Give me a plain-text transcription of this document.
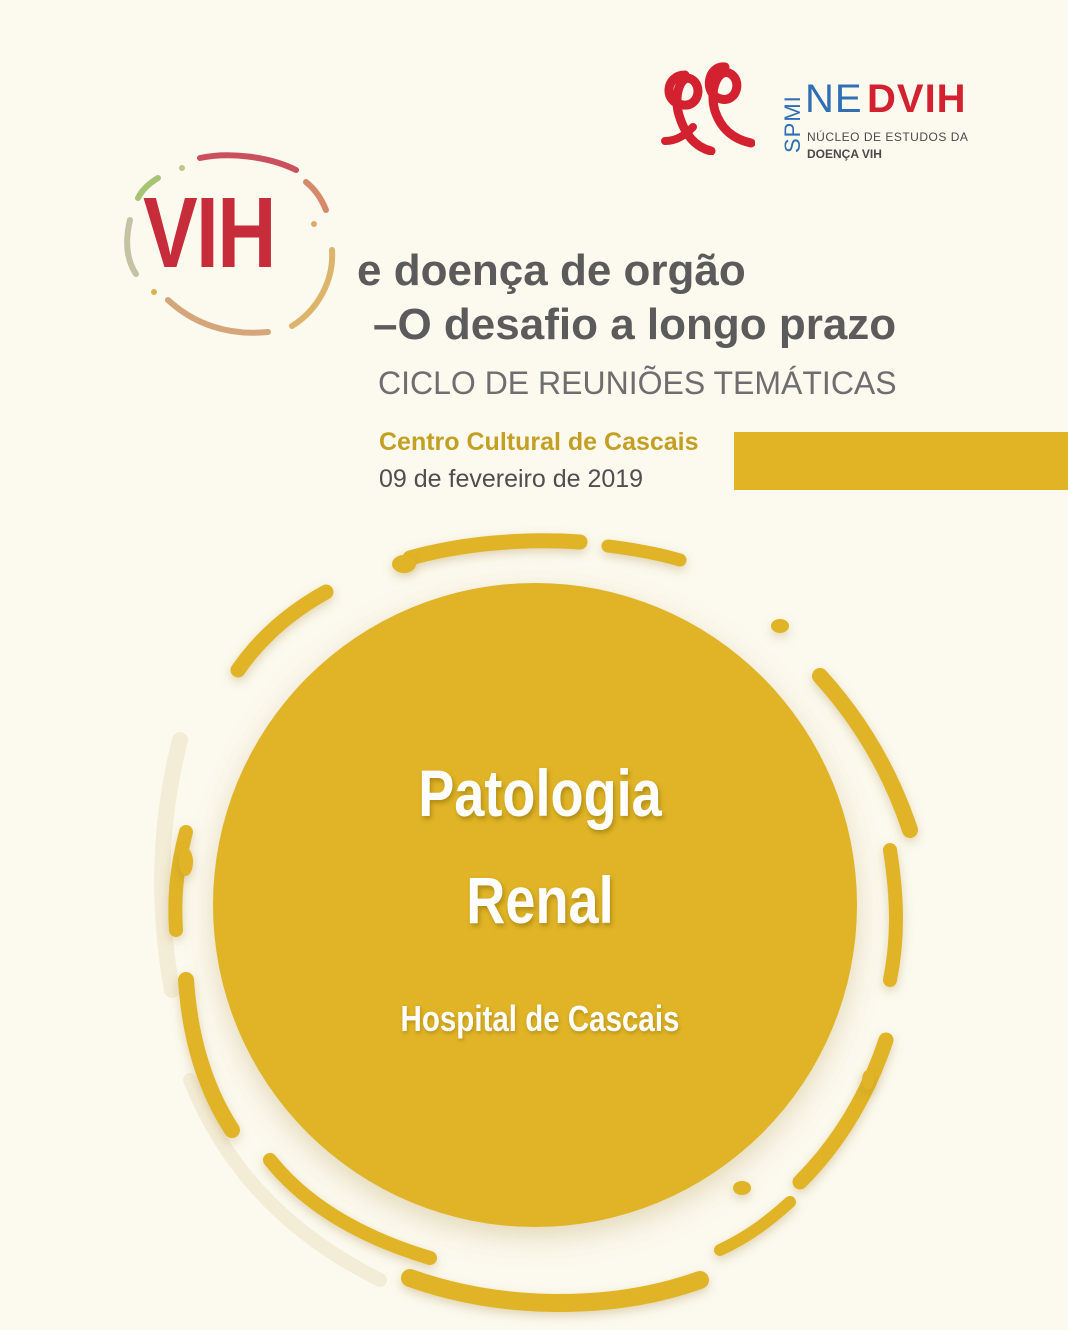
SPMI NE DVIH
NÚCLEO DE ESTUDOS DA
DOENÇA VIH
VIH e doença de orgão
–O desafio a longo prazo
CICLO DE REUNIÕES TEMÁTICAS
Centro Cultural de Cascais
09 de fevereiro de 2019
Patologia
Renal
Hospital de Cascais
